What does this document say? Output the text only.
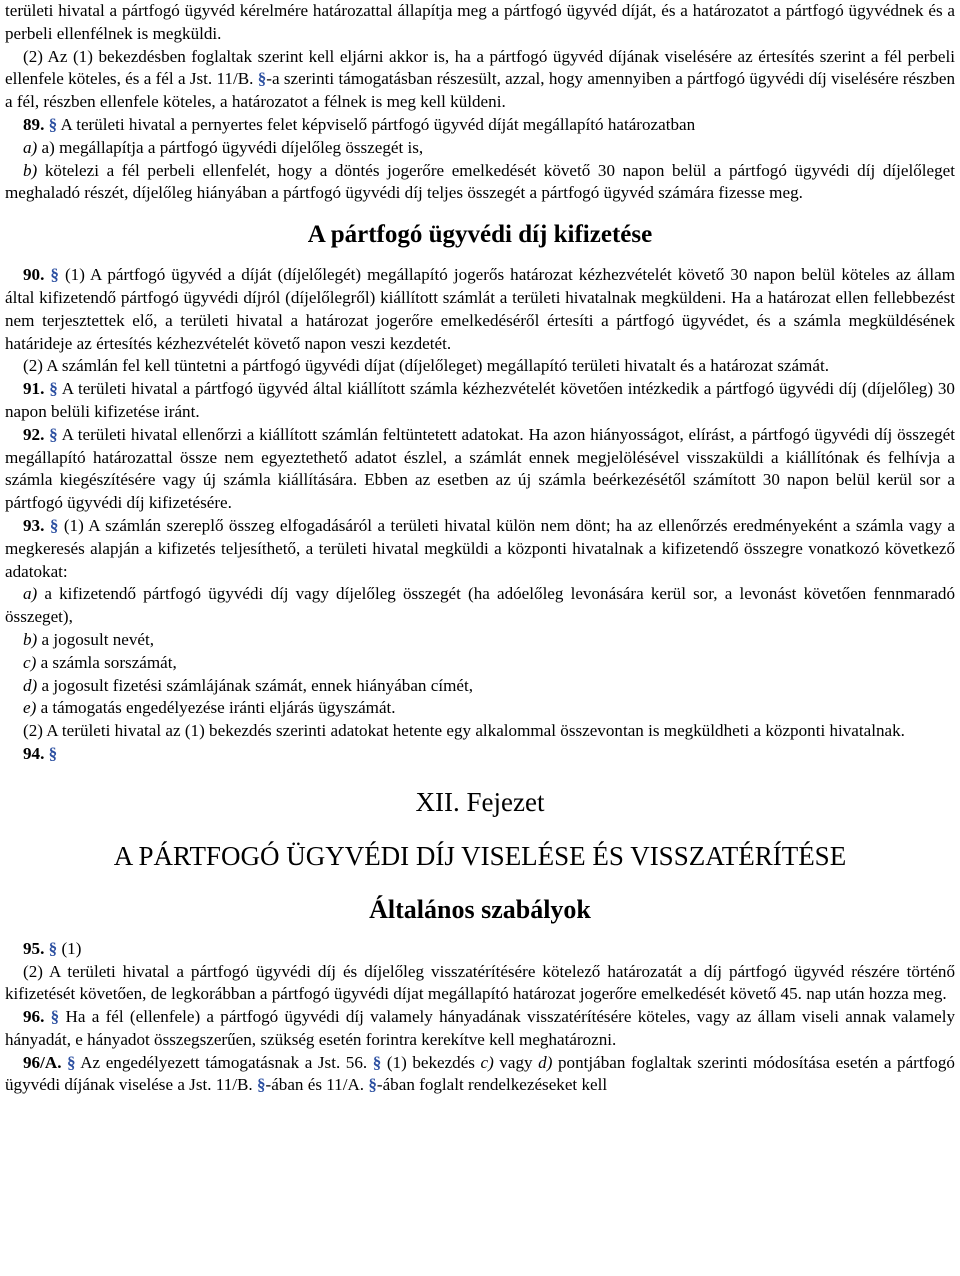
területi hivatal a pártfogó ügyvéd kérelmére határozattal állapítja meg a pártfogó ügyvéd díját, és a határozatot a pártfogó ügyvédnek és a perbeli ellenfélnek is megküldi.

(2) Az (1) bekezdésben foglaltak szerint kell eljárni akkor is, ha a pártfogó ügyvéd díjának viselésére az értesítés szerint a fél perbeli ellenfele köteles, és a fél a Jst. 11/B. §-a szerinti támogatásban részesült, azzal, hogy amennyiben a pártfogó ügyvédi díj viselésére részben a fél, részben ellenfele köteles, a határozatot a félnek is meg kell küldeni.

89. § A területi hivatal a pernyertes felet képviselő pártfogó ügyvéd díját megállapító határozatban

a) a) megállapítja a pártfogó ügyvédi díjelőleg összegét is,

b) kötelezi a fél perbeli ellenfelét, hogy a döntés jogerőre emelkedését követő 30 napon belül a pártfogó ügyvédi díj díjelőleget meghaladó részét, díjelőleg hiányában a pártfogó ügyvédi díj teljes összegét a pártfogó ügyvéd számára fizesse meg.

A pártfogó ügyvédi díj kifizetése

90. § (1) A pártfogó ügyvéd a díját (díjelőlegét) megállapító jogerős határozat kézhezvételét követő 30 napon belül köteles az állam által kifizetendő pártfogó ügyvédi díjról (díjelőlegről) kiállított számlát a területi hivatalnak megküldeni. Ha a határozat ellen fellebbezést nem terjesztettek elő, a területi hivatal a határozat jogerőre emelkedéséről értesíti a pártfogó ügyvédet, és a számla megküldésének határideje az értesítés kézhezvételét követő napon veszi kezdetét.

(2) A számlán fel kell tüntetni a pártfogó ügyvédi díjat (díjelőleget) megállapító területi hivatalt és a határozat számát.

91. § A területi hivatal a pártfogó ügyvéd által kiállított számla kézhezvételét követően intézkedik a pártfogó ügyvédi díj (díjelőleg) 30 napon belüli kifizetése iránt.

92. § A területi hivatal ellenőrzi a kiállított számlán feltüntetett adatokat. Ha azon hiányosságot, elírást, a pártfogó ügyvédi díj összegét megállapító határozattal össze nem egyeztethető adatot észlel, a számlát ennek megjelölésével visszaküldi a kiállítónak és felhívja a számla kiegészítésére vagy új számla kiállítására. Ebben az esetben az új számla beérkezésétől számított 30 napon belül kerül sor a pártfogó ügyvédi díj kifizetésére.

93. § (1) A számlán szereplő összeg elfogadásáról a területi hivatal külön nem dönt; ha az ellenőrzés eredményeként a számla vagy a megkeresés alapján a kifizetés teljesíthető, a területi hivatal megküldi a központi hivatalnak a kifizetendő összegre vonatkozó következő adatokat:

a) a kifizetendő pártfogó ügyvédi díj vagy díjelőleg összegét (ha adóelőleg levonására kerül sor, a levonást követően fennmaradó összeget),

b) a jogosult nevét,

c) a számla sorszámát,

d) a jogosult fizetési számlájának számát, ennek hiányában címét,

e) a támogatás engedélyezése iránti eljárás ügyszámát.

(2) A területi hivatal az (1) bekezdés szerinti adatokat hetente egy alkalommal összevontan is megküldheti a központi hivatalnak.

94. §

XII. Fejezet
A PÁRTFOGÓ ÜGYVÉDI DÍJ VISELÉSE ÉS VISSZATÉRÍTÉSE
Általános szabályok

95. § (1)

(2) A területi hivatal a pártfogó ügyvédi díj és díjelőleg visszatérítésére kötelező határozatát a díj pártfogó ügyvéd részére történő kifizetését követően, de legkorábban a pártfogó ügyvédi díjat megállapító határozat jogerőre emelkedését követő 45. nap után hozza meg.

96. § Ha a fél (ellenfele) a pártfogó ügyvédi díj valamely hányadának visszatérítésére köteles, vagy az állam viseli annak valamely hányadát, e hányadot összegszerűen, szükség esetén forintra kerekítve kell meghatározni.

96/A. § Az engedélyezett támogatásnak a Jst. 56. § (1) bekezdés c) vagy d) pontjában foglaltak szerinti módosítása esetén a pártfogó ügyvédi díjának viselése a Jst. 11/B. §-ában és 11/A. §-ában foglalt rendelkezéseket kell
